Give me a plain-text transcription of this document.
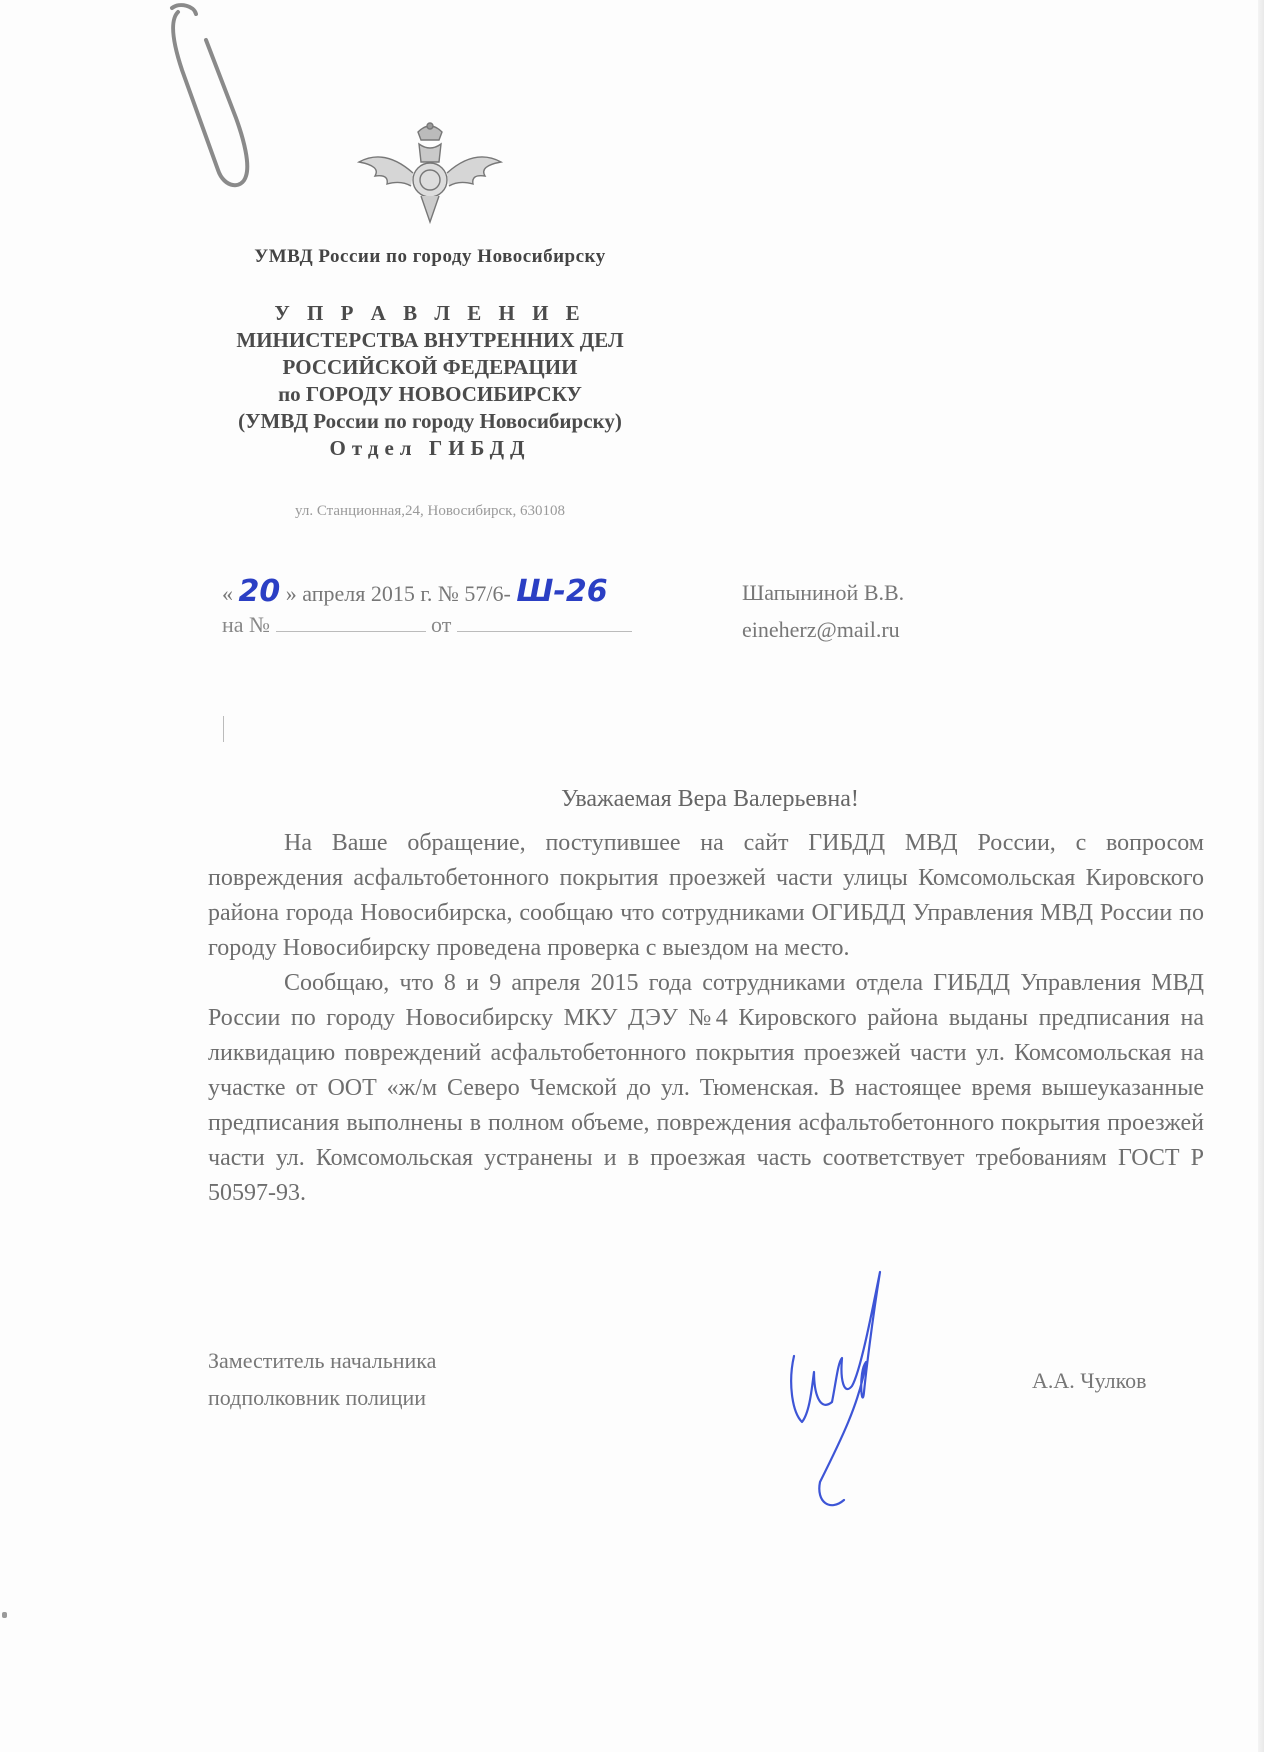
УМВД России по городу Новосибирску
У П Р А В Л Е Н И Е
МИНИСТЕРСТВА ВНУТРЕННИХ ДЕЛ
РОССИЙСКОЙ ФЕДЕРАЦИИ
по ГОРОДУ НОВОСИБИРСКУ
(УМВД России по городу Новосибирску)
Отдел ГИБДД
ул. Станционная,24, Новосибирск, 630108
« 20 » апреля 2015 г. № 57/6- Ш-26
на №	от
Шапыниной В.В.
eineherz@mail.ru
Уважаемая Вера Валерьевна!

На Ваше обращение, поступившее на сайт ГИБДД МВД России, с вопросом повреждения асфальтобетонного покрытия проезжей части улицы Комсомольская Кировского района города Новосибирска, сообщаю что сотрудниками ОГИБДД Управления МВД России по городу Новосибирску проведена проверка с выездом на место.

Сообщаю, что 8 и 9 апреля 2015 года сотрудниками отдела ГИБДД Управления МВД России по городу Новосибирску МКУ ДЭУ №4 Кировского района выданы предписания на ликвидацию повреждений асфальтобетонного покрытия проезжей части ул. Комсомольская на участке от ООТ «ж/м Северо Чемской до ул. Тюменская. В настоящее время вышеуказанные предписания выполнены в полном объеме, повреждения асфальтобетонного покрытия проезжей части ул. Комсомольская устранены и в проезжая часть соответствует требованиям ГОСТ Р 50597-93.

Заместитель начальника
подполковник полиции
А.А. Чулков
